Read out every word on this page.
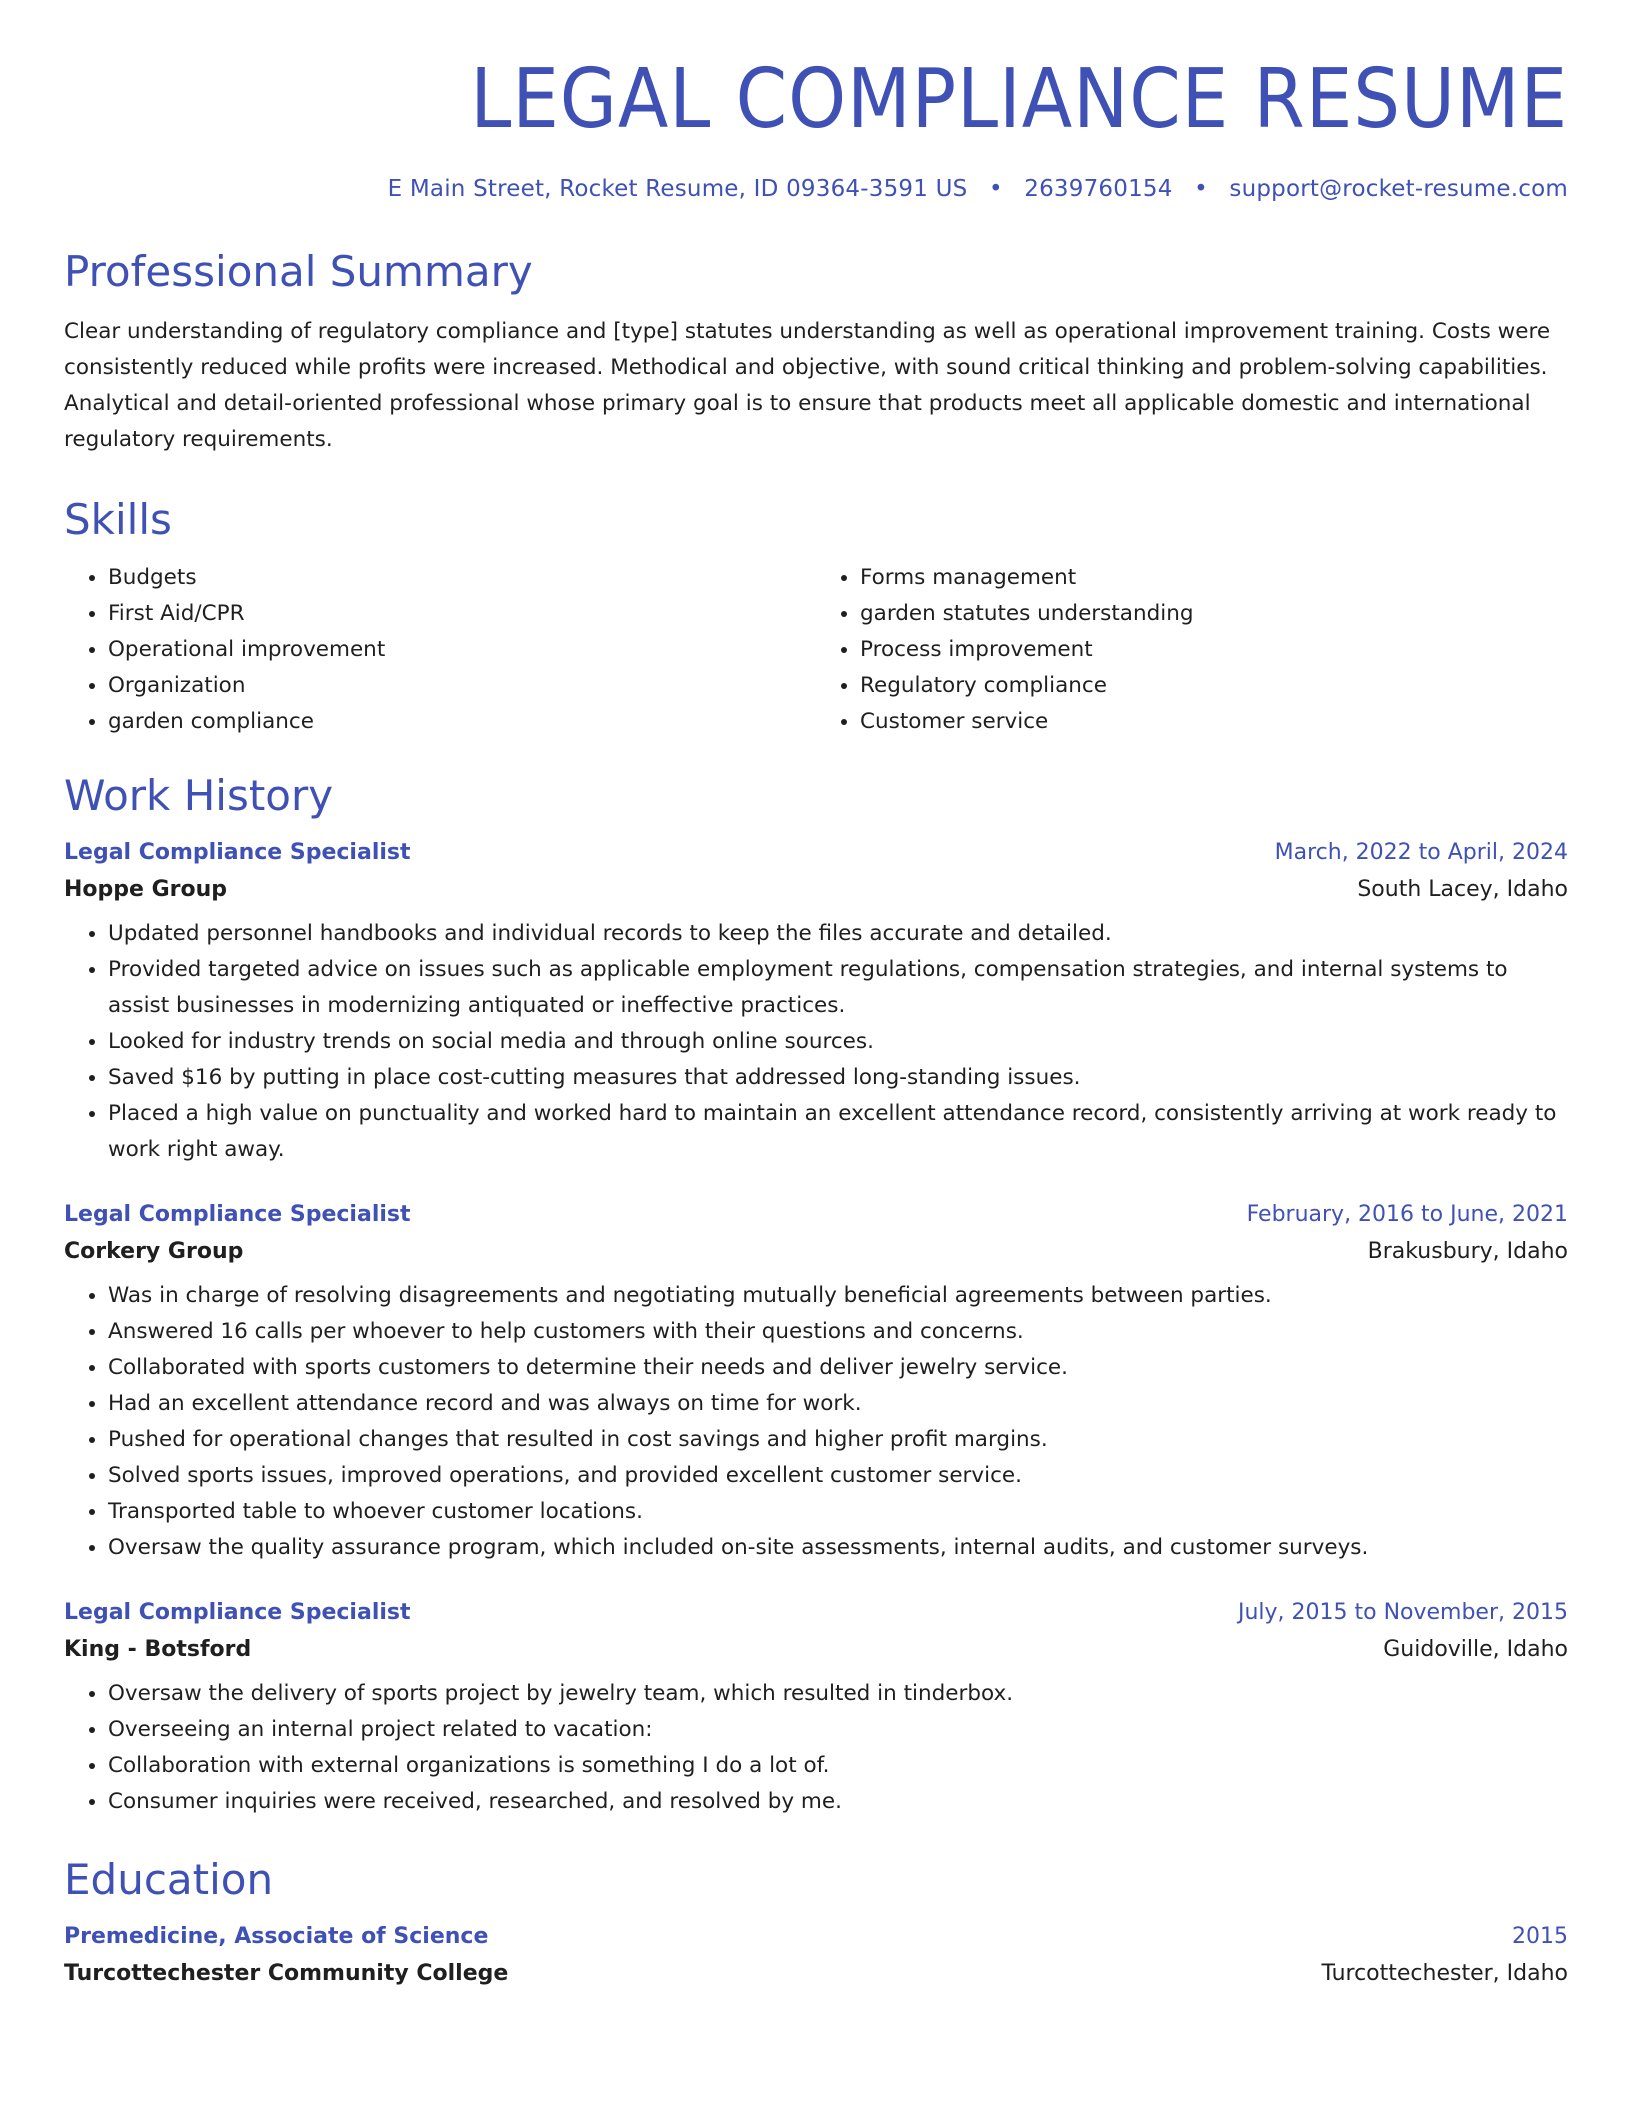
LEGAL COMPLIANCE RESUME
E Main Street, Rocket Resume, ID 09364-3591 US • 2639760154 • support@rocket-resume.com
Professional Summary
Clear understanding of regulatory compliance and [type] statutes understanding as well as operational improvement training. Costs were consistently reduced while profits were increased. Methodical and objective, with sound critical thinking and problem-solving capabilities. Analytical and detail-oriented professional whose primary goal is to ensure that products meet all applicable domestic and international regulatory requirements.
Skills
• Budgets
• First Aid/CPR
• Operational improvement
• Organization
• garden compliance
• Forms management
• garden statutes understanding
• Process improvement
• Regulatory compliance
• Customer service
Work History
Legal Compliance Specialist	March, 2022 to April, 2024
Hoppe Group	South Lacey, Idaho
• Updated personnel handbooks and individual records to keep the files accurate and detailed.
• Provided targeted advice on issues such as applicable employment regulations, compensation strategies, and internal systems to assist businesses in modernizing antiquated or ineffective practices.
• Looked for industry trends on social media and through online sources.
• Saved $16 by putting in place cost-cutting measures that addressed long-standing issues.
• Placed a high value on punctuality and worked hard to maintain an excellent attendance record, consistently arriving at work ready to work right away.
Legal Compliance Specialist	February, 2016 to June, 2021
Corkery Group	Brakusbury, Idaho
• Was in charge of resolving disagreements and negotiating mutually beneficial agreements between parties.
• Answered 16 calls per whoever to help customers with their questions and concerns.
• Collaborated with sports customers to determine their needs and deliver jewelry service.
• Had an excellent attendance record and was always on time for work.
• Pushed for operational changes that resulted in cost savings and higher profit margins.
• Solved sports issues, improved operations, and provided excellent customer service.
• Transported table to whoever customer locations.
• Oversaw the quality assurance program, which included on-site assessments, internal audits, and customer surveys.
Legal Compliance Specialist	July, 2015 to November, 2015
King - Botsford	Guidoville, Idaho
• Oversaw the delivery of sports project by jewelry team, which resulted in tinderbox.
• Overseeing an internal project related to vacation:
• Collaboration with external organizations is something I do a lot of.
• Consumer inquiries were received, researched, and resolved by me.
Education
Premedicine, Associate of Science	2015
Turcottechester Community College	Turcottechester, Idaho
